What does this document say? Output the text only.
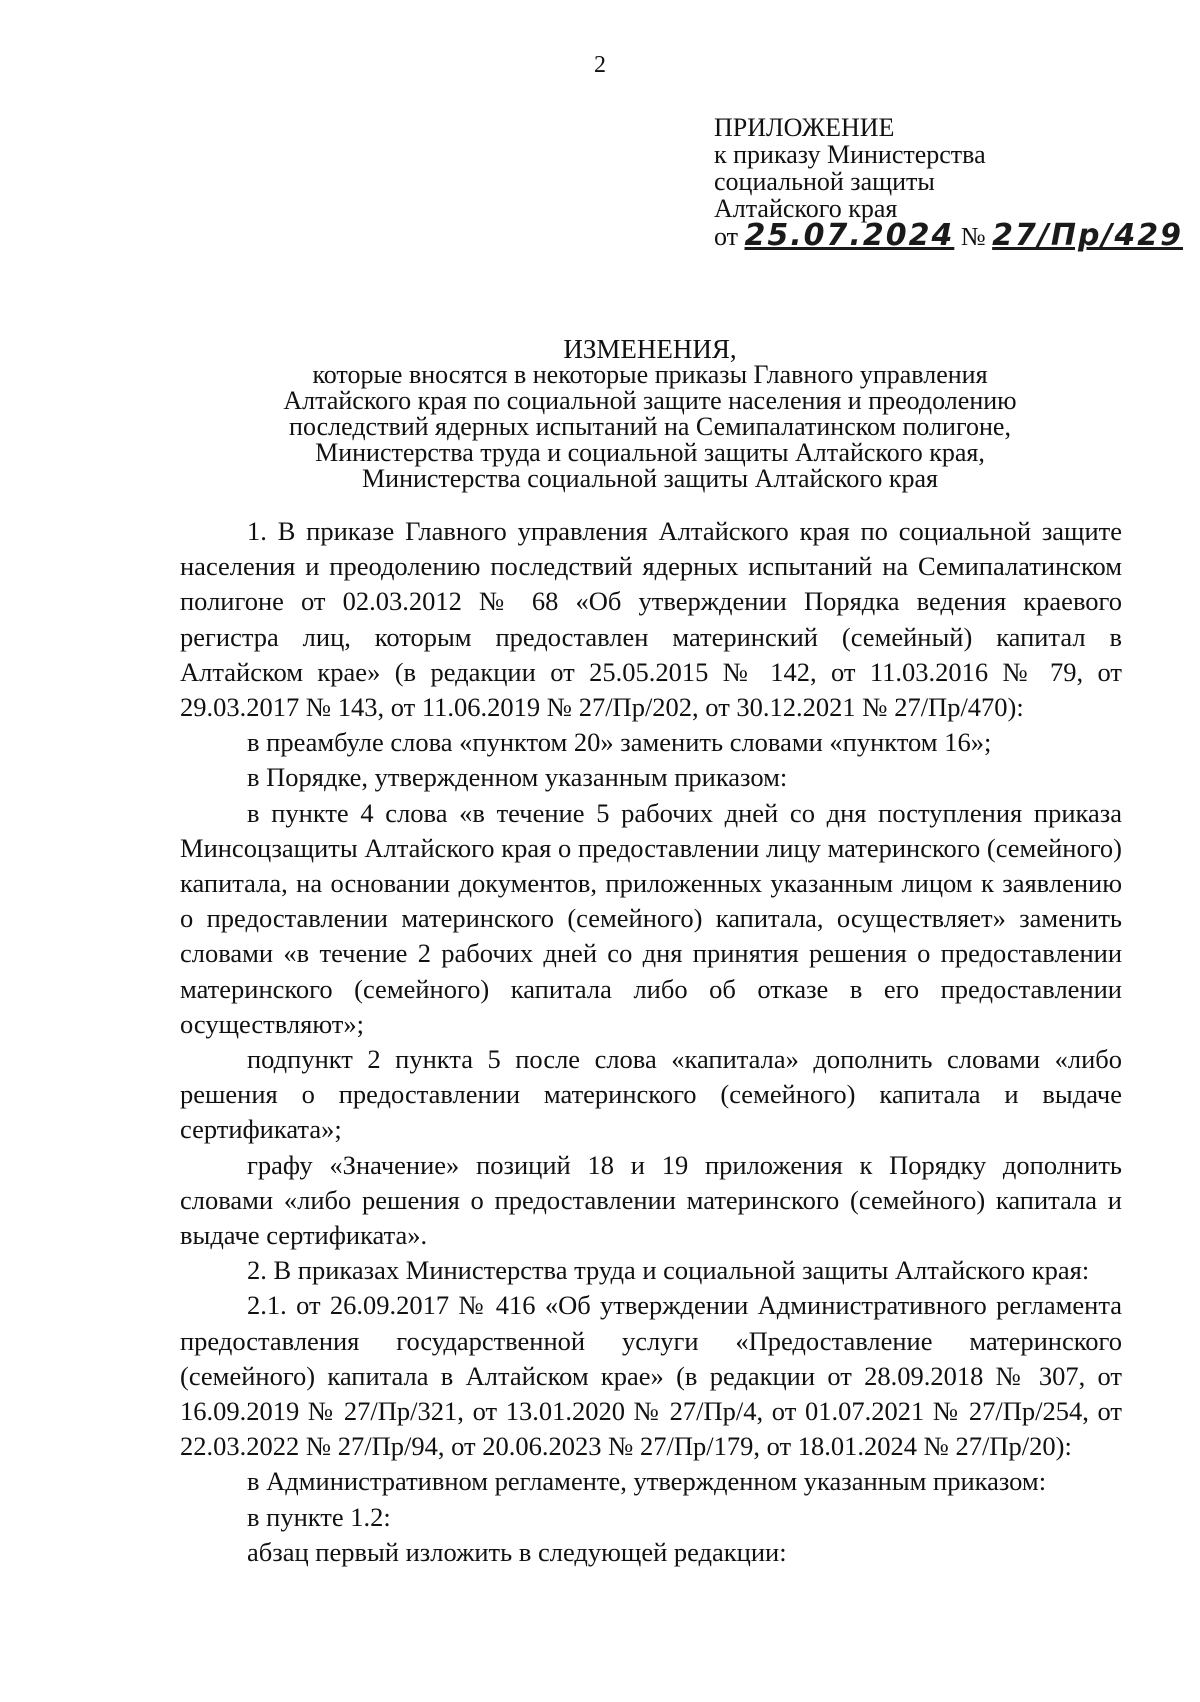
2
ПРИЛОЖЕНИЕ
к приказу Министерства
социальной защиты
Алтайского края
от 25.07.2024 № 27/Пр/429
ИЗМЕНЕНИЯ,
которые вносятся в некоторые приказы Главного управления
Алтайского края по социальной защите населения и преодолению
последствий ядерных испытаний на Семипалатинском полигоне,
Министерства труда и социальной защиты Алтайского края,
Министерства социальной защиты Алтайского края

1. В приказе Главного управления Алтайского края по социальной защите населения и преодолению последствий ядерных испытаний на Семипалатинском полигоне от 02.03.2012 № 68 «Об утверждении Порядка ведения краевого регистра лиц, которым предоставлен материнский (семейный) капитал в Алтайском крае» (в редакции от 25.05.2015 № 142, от 11.03.2016 № 79, от 29.03.2017 № 143, от 11.06.2019 № 27/Пр/202, от 30.12.2021 № 27/Пр/470):

в преамбуле слова «пунктом 20» заменить словами «пунктом 16»;

в Порядке, утвержденном указанным приказом:

в пункте 4 слова «в течение 5 рабочих дней со дня поступления приказа Минсоцзащиты Алтайского края о предоставлении лицу материнского (семейного) капитала, на основании документов, приложенных указанным лицом к заявлению о предоставлении материнского (семейного) капитала, осуществляет» заменить словами «в течение 2 рабочих дней со дня принятия решения о предоставлении материнского (семейного) капитала либо об отказе в его предоставлении осуществляют»;

подпункт 2 пункта 5 после слова «капитала» дополнить словами «либо решения о предоставлении материнского (семейного) капитала и выдаче сертификата»;

графу «Значение» позиций 18 и 19 приложения к Порядку дополнить словами «либо решения о предоставлении материнского (семейного) капитала и выдаче сертификата».

2. В приказах Министерства труда и социальной защиты Алтайского края:

2.1. от 26.09.2017 № 416 «Об утверждении Административного регламента предоставления государственной услуги «Предоставление материнского (семейного) капитала в Алтайском крае» (в редакции от 28.09.2018 № 307, от 16.09.2019 № 27/Пр/321, от 13.01.2020 № 27/Пр/4, от 01.07.2021 № 27/Пр/254, от 22.03.2022 № 27/Пр/94, от 20.06.2023 № 27/Пр/179, от 18.01.2024 № 27/Пр/20):

в Административном регламенте, утвержденном указанным приказом:

в пункте 1.2:

абзац первый изложить в следующей редакции:
